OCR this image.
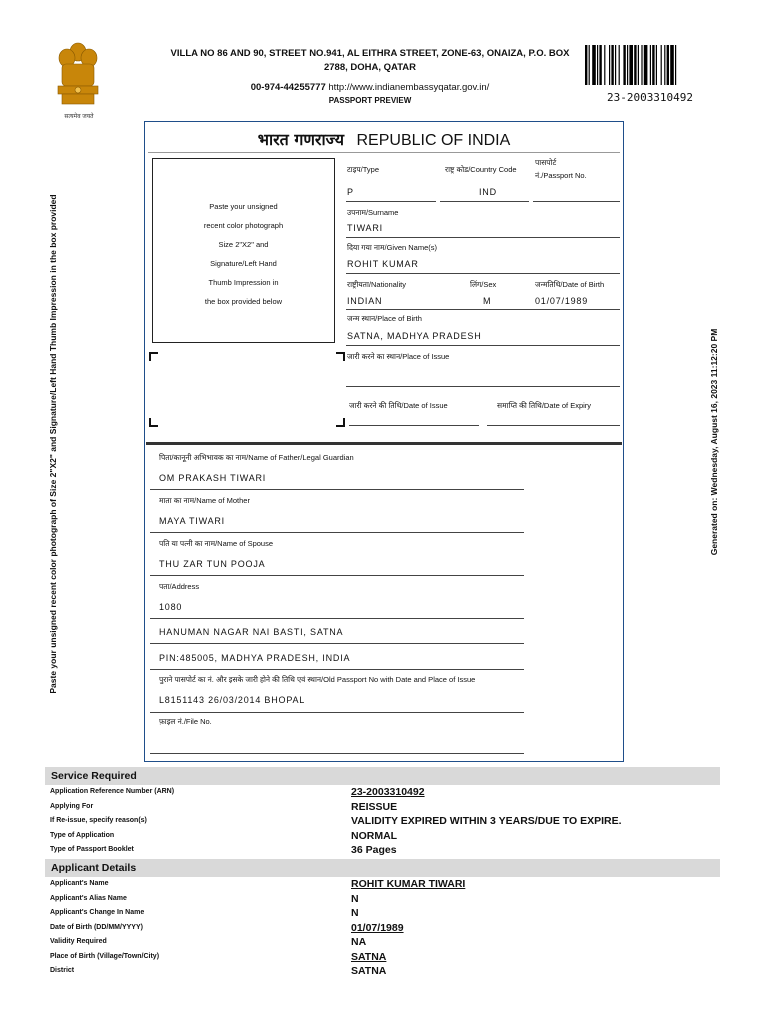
सत्यमेव जयते
VILLA NO 86 AND 90, STREET NO.941, AL EITHRA STREET, ZONE-63, ONAIZA, P.O. BOX
2788, DOHA, QATAR
00-974-44255777 http://www.indianembassyqatar.gov.in/
PASSPORT PREVIEW	23-2003310492
Paste your unsigned recent color photograph of Size 2"X2" and Signature/Left Hand Thumb Impression in the box provided	Generated on: Wednesday, August 16, 2023 11:12:20 PM
भारत गणराज्य REPUBLIC OF INDIA
Paste your unsigned
recent color photograph
Size 2"X2" and
Signature/Left Hand
Thumb Impression in
the box provided below
टाइप/Type	राष्ट्र कोड/Country Code
पासपोर्ट
नं./Passport No.
P	IND
उपनाम/Surname
TIWARI
दिया गया नाम/Given Name(s)
ROHIT KUMAR
राष्ट्रीयता/Nationality	लिंग/Sex	जन्मतिथि/Date of Birth
INDIAN	M	01/07/1989
जन्म स्थान/Place of Birth
SATNA, MADHYA PRADESH
जारी करने का स्थान/Place of Issue
जारी करने की तिथि/Date of Issue	समाप्ति की तिथि/Date of Expiry
पिता/कानूनी अभिभावक का नाम/Name of Father/Legal Guardian
OM PRAKASH TIWARI
माता का नाम/Name of Mother
MAYA TIWARI
पति या पत्नी का नाम/Name of Spouse
THU ZAR TUN POOJA
पता/Address
1080
HANUMAN NAGAR NAI BASTI, SATNA
PIN:485005, MADHYA PRADESH, INDIA
पुराने पासपोर्ट का नं. और इसके जारी होने की तिथि एवं स्थान/Old Passport No with Date and Place of Issue
L8151143 26/03/2014 BHOPAL
फ़ाइल नं./File No.
Service Required
Application Reference Number (ARN)	23-2003310492
Applying For	REISSUE
If Re-issue, specify reason(s)	VALIDITY EXPIRED WITHIN 3 YEARS/DUE TO EXPIRE.
Type of Application	NORMAL
Type of Passport Booklet	36 Pages
Applicant Details
Applicant's Name	ROHIT KUMAR TIWARI
Applicant's Alias Name	N
Applicant's Change In Name	N
Date of Birth (DD/MM/YYYY)	01/07/1989
Validity Required	NA
Place of Birth (Village/Town/City)	SATNA
District	SATNA
